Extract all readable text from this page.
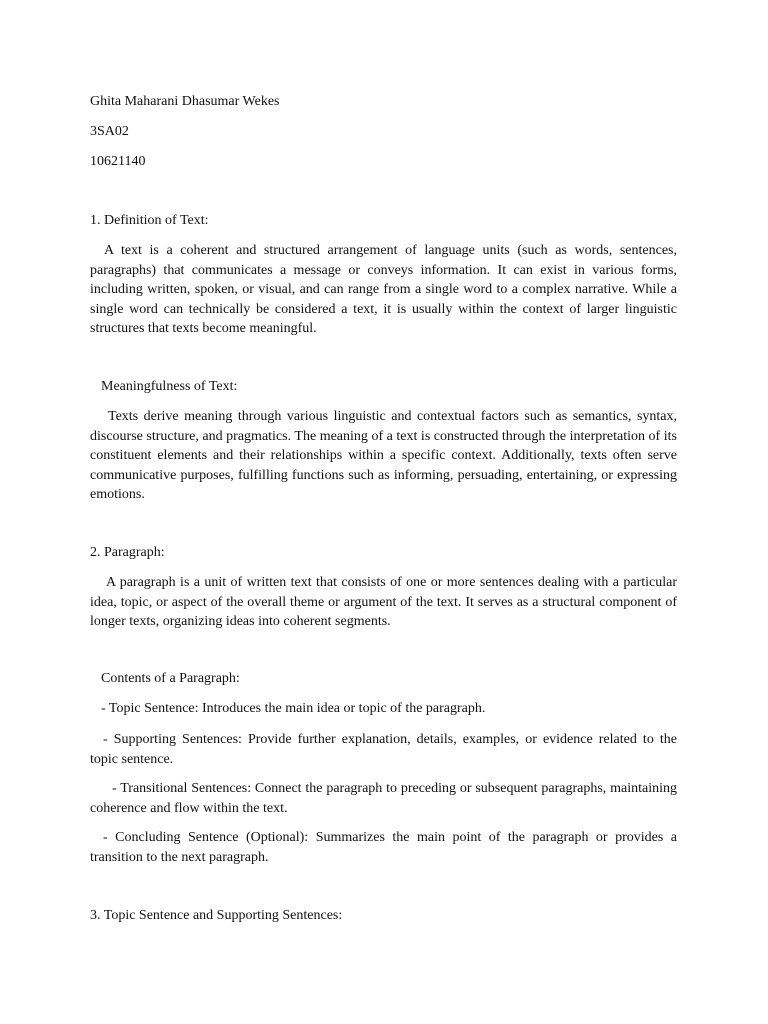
Ghita Maharani Dhasumar Wekes
3SA02
10621140
1. Definition of Text:
A text is a coherent and structured arrangement of language units (such as words, sentences, paragraphs) that communicates a message or conveys information. It can exist in various forms, including written, spoken, or visual, and can range from a single word to a complex narrative. While a single word can technically be considered a text, it is usually within the context of larger linguistic structures that texts become meaningful.
Meaningfulness of Text:
Texts derive meaning through various linguistic and contextual factors such as semantics, syntax, discourse structure, and pragmatics. The meaning of a text is constructed through the interpretation of its constituent elements and their relationships within a specific context. Additionally, texts often serve communicative purposes, fulfilling functions such as informing, persuading, entertaining, or expressing emotions.
2. Paragraph:
A paragraph is a unit of written text that consists of one or more sentences dealing with a particular idea, topic, or aspect of the overall theme or argument of the text. It serves as a structural component of longer texts, organizing ideas into coherent segments.
Contents of a Paragraph:
- Topic Sentence: Introduces the main idea or topic of the paragraph.
- Supporting Sentences: Provide further explanation, details, examples, or evidence related to the topic sentence.
- Transitional Sentences: Connect the paragraph to preceding or subsequent paragraphs, maintaining coherence and flow within the text.
- Concluding Sentence (Optional): Summarizes the main point of the paragraph or provides a transition to the next paragraph.
3. Topic Sentence and Supporting Sentences:
